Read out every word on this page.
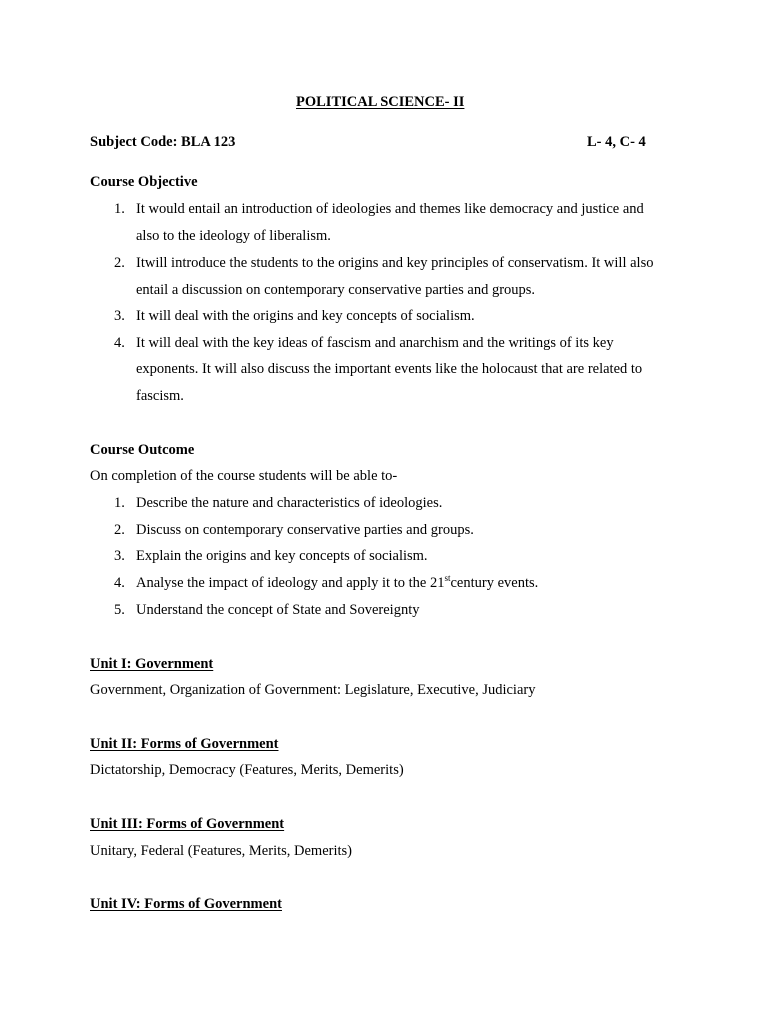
POLITICAL SCIENCE- II
Subject Code: BLA 123	L- 4, C- 4
Course Objective
1. It would entail an introduction of ideologies and themes like democracy and justice and
also to the ideology of liberalism.
2. Itwill introduce the students to the origins and key principles of conservatism. It will also
entail a discussion on contemporary conservative parties and groups.
3. It will deal with the origins and key concepts of socialism.
4. It will deal with the key ideas of fascism and anarchism and the writings of its key
exponents. It will also discuss the important events like the holocaust that are related to
fascism.
Course Outcome
On completion of the course students will be able to-
1. Describe the nature and characteristics of ideologies.
2. Discuss on contemporary conservative parties and groups.
3. Explain the origins and key concepts of socialism.
4. Analyse the impact of ideology and apply it to the 21stcentury events.
5. Understand the concept of State and Sovereignty
Unit I: Government
Government, Organization of Government: Legislature, Executive, Judiciary
Unit II: Forms of Government
Dictatorship, Democracy (Features, Merits, Demerits)
Unit III: Forms of Government
Unitary, Federal (Features, Merits, Demerits)
Unit IV: Forms of Government
